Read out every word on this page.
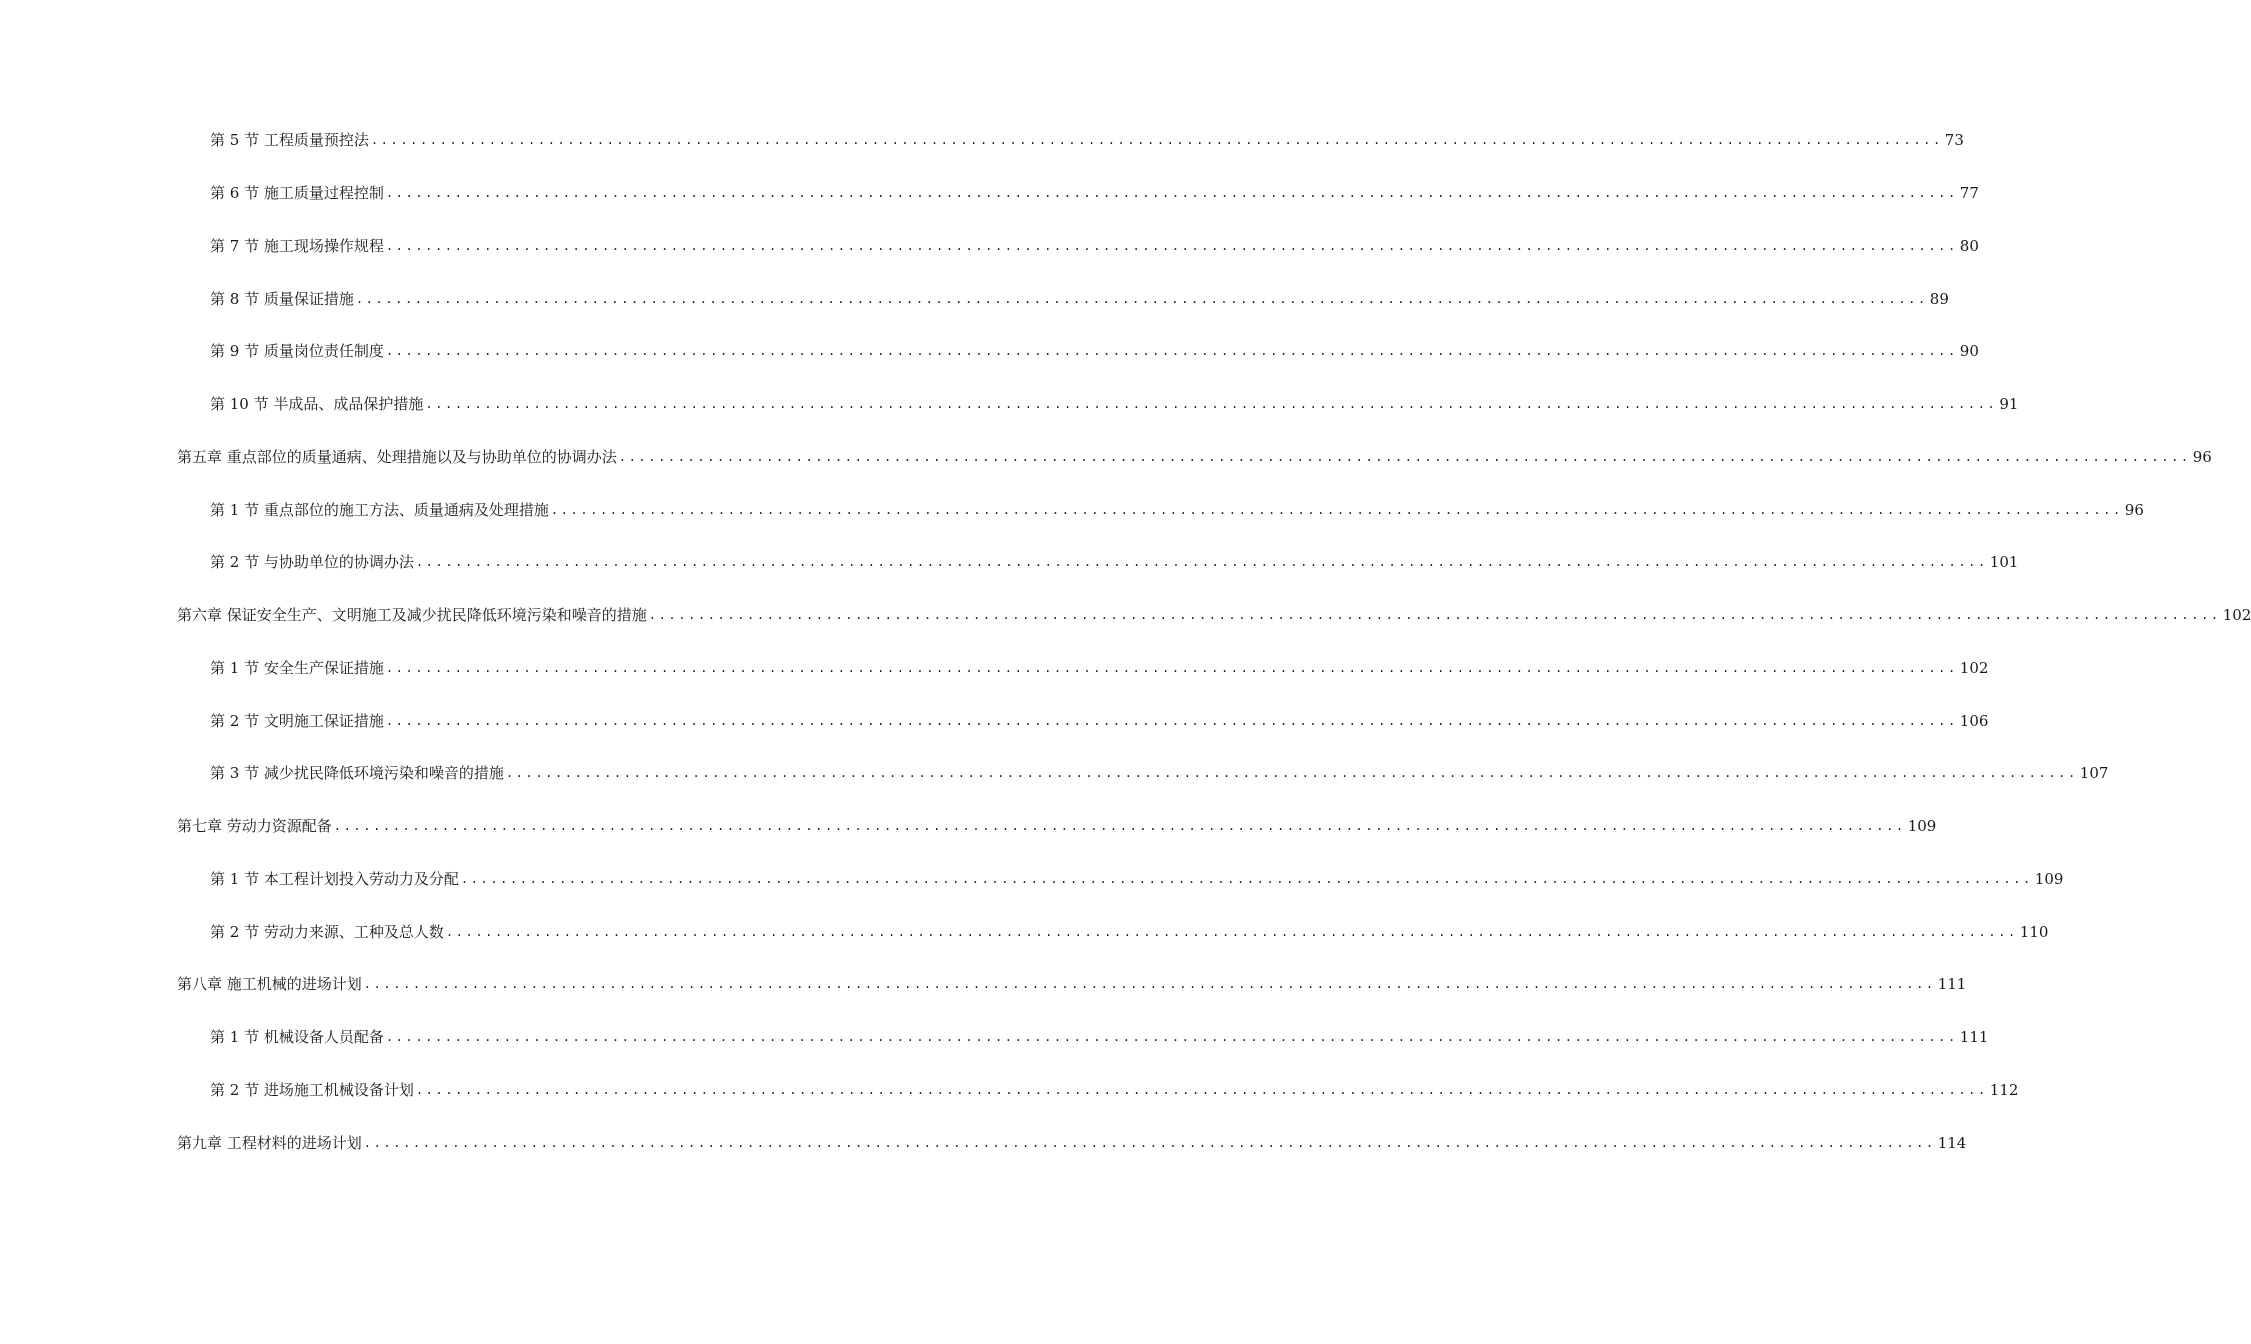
第 5 节 工程质量预控法 ................................................................................................................................................................ 73
第 6 节 施工质量过程控制 ................................................................................................................................................................ 77
第 7 节 施工现场操作规程 ................................................................................................................................................................ 80
第 8 节 质量保证措施 ................................................................................................................................................................ 89
第 9 节 质量岗位责任制度 ................................................................................................................................................................ 90
第 10 节 半成品、成品保护措施 ................................................................................................................................................................ 91
第五章 重点部位的质量通病、处理措施以及与协助单位的协调办法 ................................................................................................................................................................ 96
第 1 节 重点部位的施工方法、质量通病及处理措施 ................................................................................................................................................................ 96
第 2 节 与协助单位的协调办法 ................................................................................................................................................................ 101
第六章 保证安全生产、文明施工及减少扰民降低环境污染和噪音的措施 ................................................................................................................................................................ 102
第 1 节 安全生产保证措施 ................................................................................................................................................................ 102
第 2 节 文明施工保证措施 ................................................................................................................................................................ 106
第 3 节 减少扰民降低环境污染和噪音的措施 ................................................................................................................................................................ 107
第七章 劳动力资源配备 ................................................................................................................................................................ 109
第 1 节 本工程计划投入劳动力及分配 ................................................................................................................................................................ 109
第 2 节 劳动力来源、工种及总人数 ................................................................................................................................................................ 110
第八章 施工机械的进场计划 ................................................................................................................................................................ 111
第 1 节 机械设备人员配备 ................................................................................................................................................................ 111
第 2 节 进场施工机械设备计划 ................................................................................................................................................................ 112
第九章 工程材料的进场计划 ................................................................................................................................................................ 114
